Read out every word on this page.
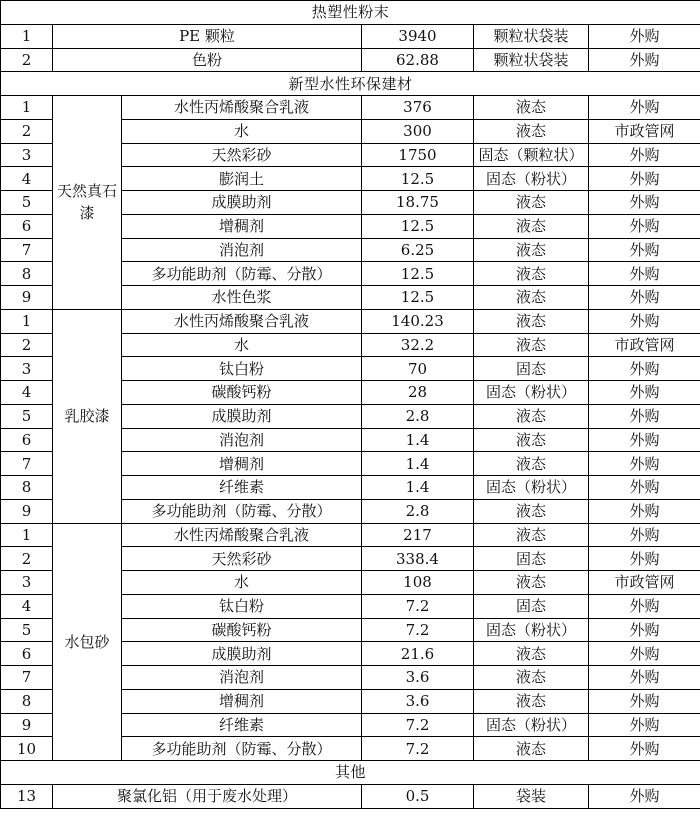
热塑性粉末					
1	PE 颗粒		3940	颗粒状袋装	外购
2	色粉		62.88	颗粒状袋装	外购
新型水性环保建材					
1	天然真石漆	水性丙烯酸聚合乳液	376	液态	外购
2		水	300	液态	市政管网
3		天然彩砂	1750	固态（颗粒状）	外购
4		膨润土	12.5	固态（粉状）	外购
5		成膜助剂	18.75	液态	外购
6		增稠剂	12.5	液态	外购
7		消泡剂	6.25	液态	外购
8		多功能助剂（防霉、分散）	12.5	液态	外购
9		水性色浆	12.5	液态	外购
1	乳胶漆	水性丙烯酸聚合乳液	140.23	液态	外购
2		水	32.2	液态	市政管网
3		钛白粉	70	固态	外购
4		碳酸钙粉	28	固态（粉状）	外购
5		成膜助剂	2.8	液态	外购
6		消泡剂	1.4	液态	外购
7		增稠剂	1.4	液态	外购
8		纤维素	1.4	固态（粉状）	外购
9		多功能助剂（防霉、分散）	2.8	液态	外购
1	水包砂	水性丙烯酸聚合乳液	217	液态	外购
2		天然彩砂	338.4	固态	外购
3		水	108	液态	市政管网
4		钛白粉	7.2	固态	外购
5		碳酸钙粉	7.2	固态（粉状）	外购
6		成膜助剂	21.6	液态	外购
7		消泡剂	3.6	液态	外购
8		增稠剂	3.6	液态	外购
9		纤维素	7.2	固态（粉状）	外购
10		多功能助剂（防霉、分散）	7.2	液态	外购
其他					
13	聚氯化铝（用于废水处理）		0.5	袋装	外购
